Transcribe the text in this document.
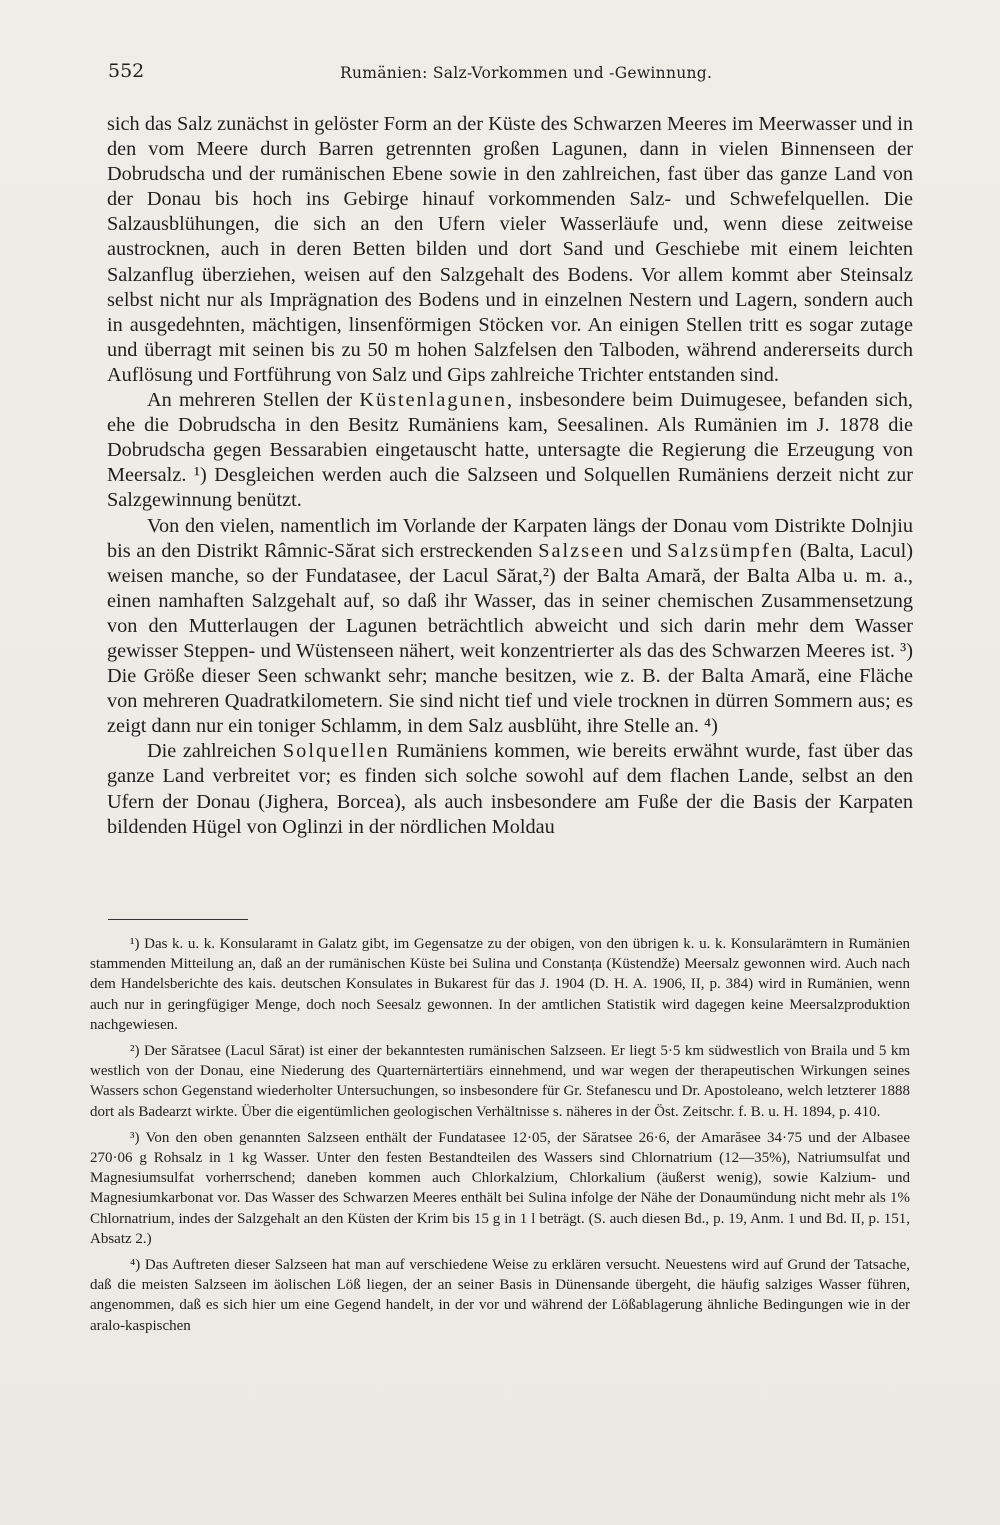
552	Rumänien: Salz-Vorkommen und -Gewinnung.

sich das Salz zunächst in gelöster Form an der Küste des Schwarzen Meeres im Meerwasser und in den vom Meere durch Barren getrennten großen Lagunen, dann in vielen Binnenseen der Dobrudscha und der rumänischen Ebene sowie in den zahlreichen, fast über das ganze Land von der Donau bis hoch ins Gebirge hinauf vorkommenden Salz- und Schwefelquellen. Die Salzausblühungen, die sich an den Ufern vieler Wasserläufe und, wenn diese zeitweise austrocknen, auch in deren Betten bilden und dort Sand und Geschiebe mit einem leichten Salzanflug überziehen, weisen auf den Salzgehalt des Bodens. Vor allem kommt aber Steinsalz selbst nicht nur als Imprägnation des Bodens und in einzelnen Nestern und Lagern, sondern auch in ausgedehnten, mächtigen, linsenförmigen Stöcken vor. An einigen Stellen tritt es sogar zutage und überragt mit seinen bis zu 50 m hohen Salzfelsen den Talboden, während andererseits durch Auflösung und Fortführung von Salz und Gips zahlreiche Trichter entstanden sind.

An mehreren Stellen der Küstenlagunen, insbesondere beim Duimugesee, befanden sich, ehe die Dobrudscha in den Besitz Rumäniens kam, Seesalinen. Als Rumänien im J. 1878 die Dobrudscha gegen Bessarabien eingetauscht hatte, untersagte die Regierung die Erzeugung von Meersalz. ¹) Desgleichen werden auch die Salzseen und Solquellen Rumäniens derzeit nicht zur Salzgewinnung benützt.

Von den vielen, namentlich im Vorlande der Karpaten längs der Donau vom Distrikte Dolnjiu bis an den Distrikt Râmnic-Sărat sich erstreckenden Salzseen und Salzsümpfen (Balta, Lacul) weisen manche, so der Fundatasee, der Lacul Sărat,²) der Balta Amară, der Balta Alba u. m. a., einen namhaften Salzgehalt auf, so daß ihr Wasser, das in seiner chemischen Zusammensetzung von den Mutterlaugen der Lagunen beträchtlich abweicht und sich darin mehr dem Wasser gewisser Steppen- und Wüstenseen nähert, weit konzentrierter als das des Schwarzen Meeres ist. ³) Die Größe dieser Seen schwankt sehr; manche besitzen, wie z. B. der Balta Amară, eine Fläche von mehreren Quadratkilometern. Sie sind nicht tief und viele trocknen in dürren Sommern aus; es zeigt dann nur ein toniger Schlamm, in dem Salz ausblüht, ihre Stelle an. ⁴)

Die zahlreichen Solquellen Rumäniens kommen, wie bereits erwähnt wurde, fast über das ganze Land verbreitet vor; es finden sich solche sowohl auf dem flachen Lande, selbst an den Ufern der Donau (Jighera, Borcea), als auch insbesondere am Fuße der die Basis der Karpaten bildenden Hügel von Oglinzi in der nördlichen Moldau

¹) Das k. u. k. Konsularamt in Galatz gibt, im Gegensatze zu der obigen, von den übrigen k. u. k. Konsularämtern in Rumänien stammenden Mitteilung an, daß an der rumänischen Küste bei Sulina und Constanța (Küstendže) Meersalz gewonnen wird. Auch nach dem Handelsberichte des kais. deutschen Konsulates in Bukarest für das J. 1904 (D. H. A. 1906, II, p. 384) wird in Rumänien, wenn auch nur in geringfügiger Menge, doch noch Seesalz gewonnen. In der amtlichen Statistik wird dagegen keine Meersalzproduktion nachgewiesen.

²) Der Săratsee (Lacul Sărat) ist einer der bekanntesten rumänischen Salzseen. Er liegt 5·5 km südwestlich von Braila und 5 km westlich von der Donau, eine Niederung des Quarternärtertiärs einnehmend, und war wegen der therapeutischen Wirkungen seines Wassers schon Gegenstand wiederholter Untersuchungen, so insbesondere für Gr. Stefanescu und Dr. Apostoleano, welch letzterer 1888 dort als Badearzt wirkte. Über die eigentümlichen geologischen Verhältnisse s. näheres in der Öst. Zeitschr. f. B. u. H. 1894, p. 410.

³) Von den oben genannten Salzseen enthält der Fundatasee 12·05, der Săratsee 26·6, der Amarăsee 34·75 und der Albasee 270·06 g Rohsalz in 1 kg Wasser. Unter den festen Bestandteilen des Wassers sind Chlornatrium (12—35%), Natriumsulfat und Magnesiumsulfat vorherrschend; daneben kommen auch Chlorkalzium, Chlorkalium (äußerst wenig), sowie Kalzium- und Magnesiumkarbonat vor. Das Wasser des Schwarzen Meeres enthält bei Sulina infolge der Nähe der Donaumündung nicht mehr als 1% Chlornatrium, indes der Salzgehalt an den Küsten der Krim bis 15 g in 1 l beträgt. (S. auch diesen Bd., p. 19, Anm. 1 und Bd. II, p. 151, Absatz 2.)

⁴) Das Auftreten dieser Salzseen hat man auf verschiedene Weise zu erklären versucht. Neuestens wird auf Grund der Tatsache, daß die meisten Salzseen im äolischen Löß liegen, der an seiner Basis in Dünensande übergeht, die häufig salziges Wasser führen, angenommen, daß es sich hier um eine Gegend handelt, in der vor und während der Lößablagerung ähnliche Bedingungen wie in der aralo-kaspischen
